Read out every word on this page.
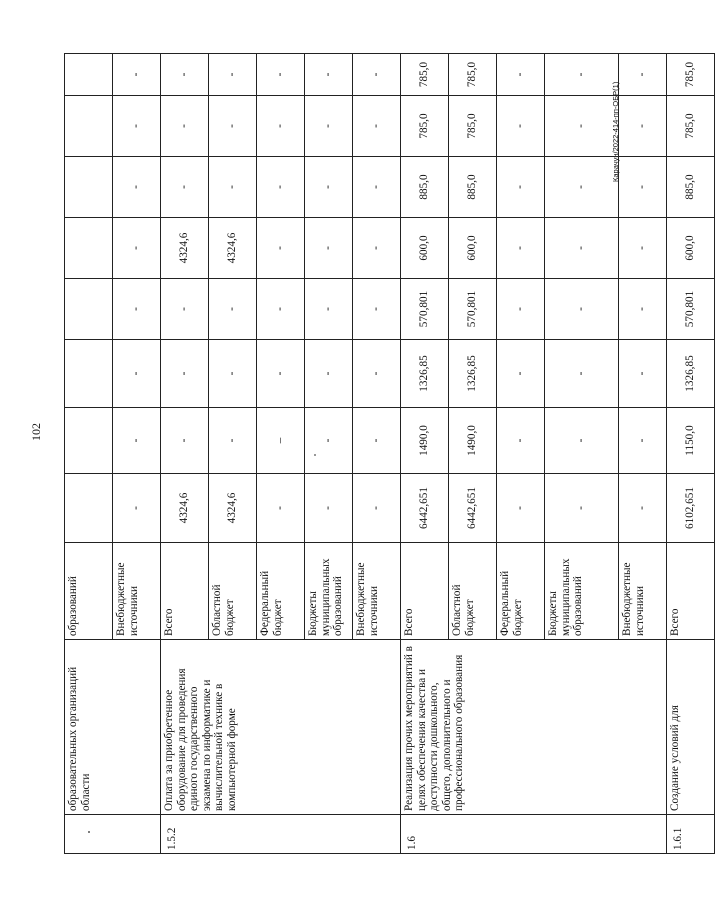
102
Карачун/2022-414-пп-ОБР(1)
	образовательных организаций области	образований								
		Внебюджетные источники	-	-	-	-	-	-	-	-
1.5.2	Оплата за приобретенное оборудование для проведения единого государственного экзамена по информатике и вычислительной технике в компьютерной форме	Всего	4324,6	-	-	-	4324,6	-	-	-
		Областной бюджет	4324,6	-	-	-	4324,6	-	-	-
		Федеральный бюджет	-	–	-	-	-	-	-	-
		Бюджеты муниципальных образований	-	-	-	-	-	-	-	-
		Внебюджетные источники	-	-	-	-	-	-	-	-
1.6	Реализация прочих мероприятий в целях обеспечения качества и доступности дошкольного, общего, дополнительного и профессионального образования	Всего	6442,651	1490,0	1326,85	570,801	600,0	885,0	785,0	785,0
		Областной бюджет	6442,651	1490,0	1326,85	570,801	600,0	885,0	785,0	785,0
		Федеральный бюджет	-	-	-	-	-	-	-	-
		Бюджеты муниципальных образований	-	-	-	-	-	-	-	-
		Внебюджетные источники	-	-	-	-	-	-	-	-
1.6.1	Создание условий для	Всего	6102,651	1150,0	1326,85	570,801	600,0	885,0	785,0	785,0
